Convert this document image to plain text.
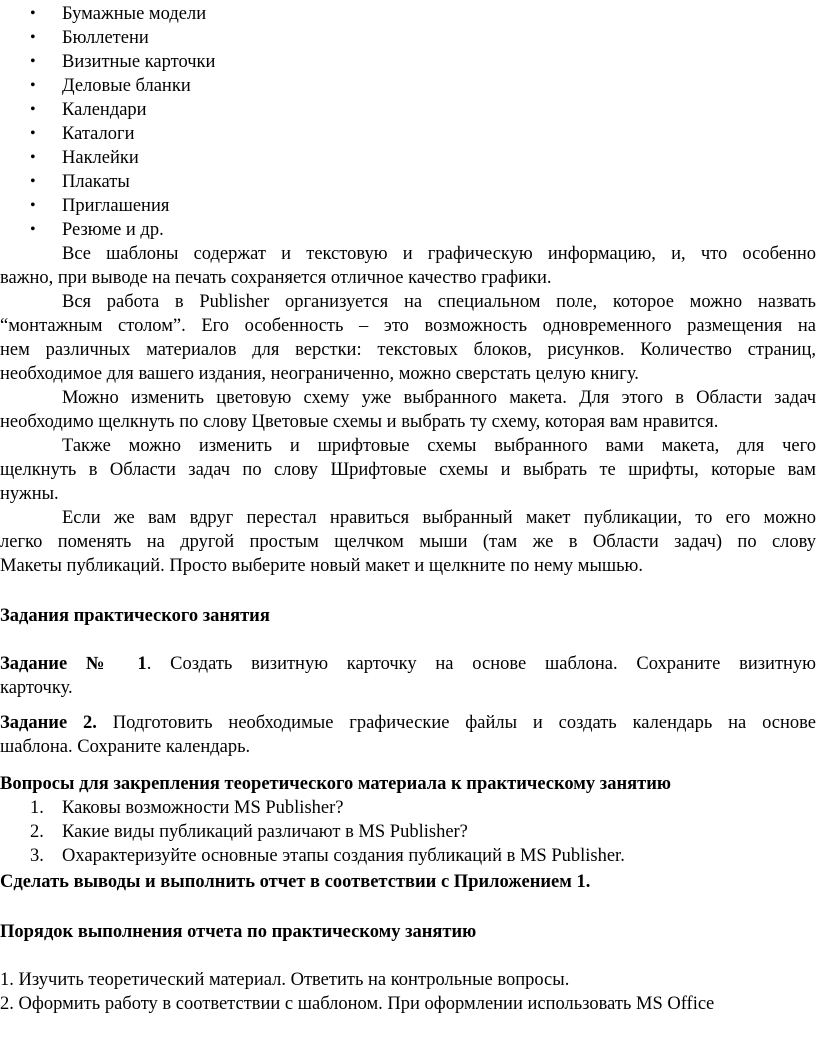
• Бумажные модели
• Бюллетени
• Визитные карточки
• Деловые бланки
• Календари
• Каталоги
• Наклейки
• Плакаты
• Приглашения
• Резюме и др.
Все шаблоны содержат и текстовую и графическую информацию, и, что особенно
важно, при выводе на печать сохраняется отличное качество графики.
Вся работа в Publisher организуется на специальном поле, которое можно назвать
“монтажным столом”. Его особенность – это возможность одновременного размещения на
нем различных материалов для верстки: текстовых блоков, рисунков. Количество страниц,
необходимое для вашего издания, неограниченно, можно сверстать целую книгу.
Можно изменить цветовую схему уже выбранного макета. Для этого в Области задач
необходимо щелкнуть по слову Цветовые схемы и выбрать ту схему, которая вам нравится.
Также можно изменить и шрифтовые схемы выбранного вами макета, для чего
щелкнуть в Области задач по слову Шрифтовые схемы и выбрать те шрифты, которые вам
нужны.
Если же вам вдруг перестал нравиться выбранный макет публикации, то его можно
легко поменять на другой простым щелчком мыши (там же в Области задач) по слову
Макеты публикаций. Просто выберите новый макет и щелкните по нему мышью.

Задания практического занятия

Задание № 1. Создать визитную карточку на основе шаблона. Сохраните визитную
карточку.
Задание 2. Подготовить необходимые графические файлы и создать календарь на основе
шаблона. Сохраните календарь.

Вопросы для закрепления теоретического материала к практическому занятию

1. Каковы возможности MS Publisher?
2. Какие виды публикаций различают в MS Publisher?
3. Охарактеризуйте основные этапы создания публикаций в MS Publisher.

Сделать выводы и выполнить отчет в соответствии с Приложением 1.

Порядок выполнения отчета по практическому занятию

1. Изучить теоретический материал. Ответить на контрольные вопросы.

2. Оформить работу в соответствии с шаблоном. При оформлении использовать MS Office
